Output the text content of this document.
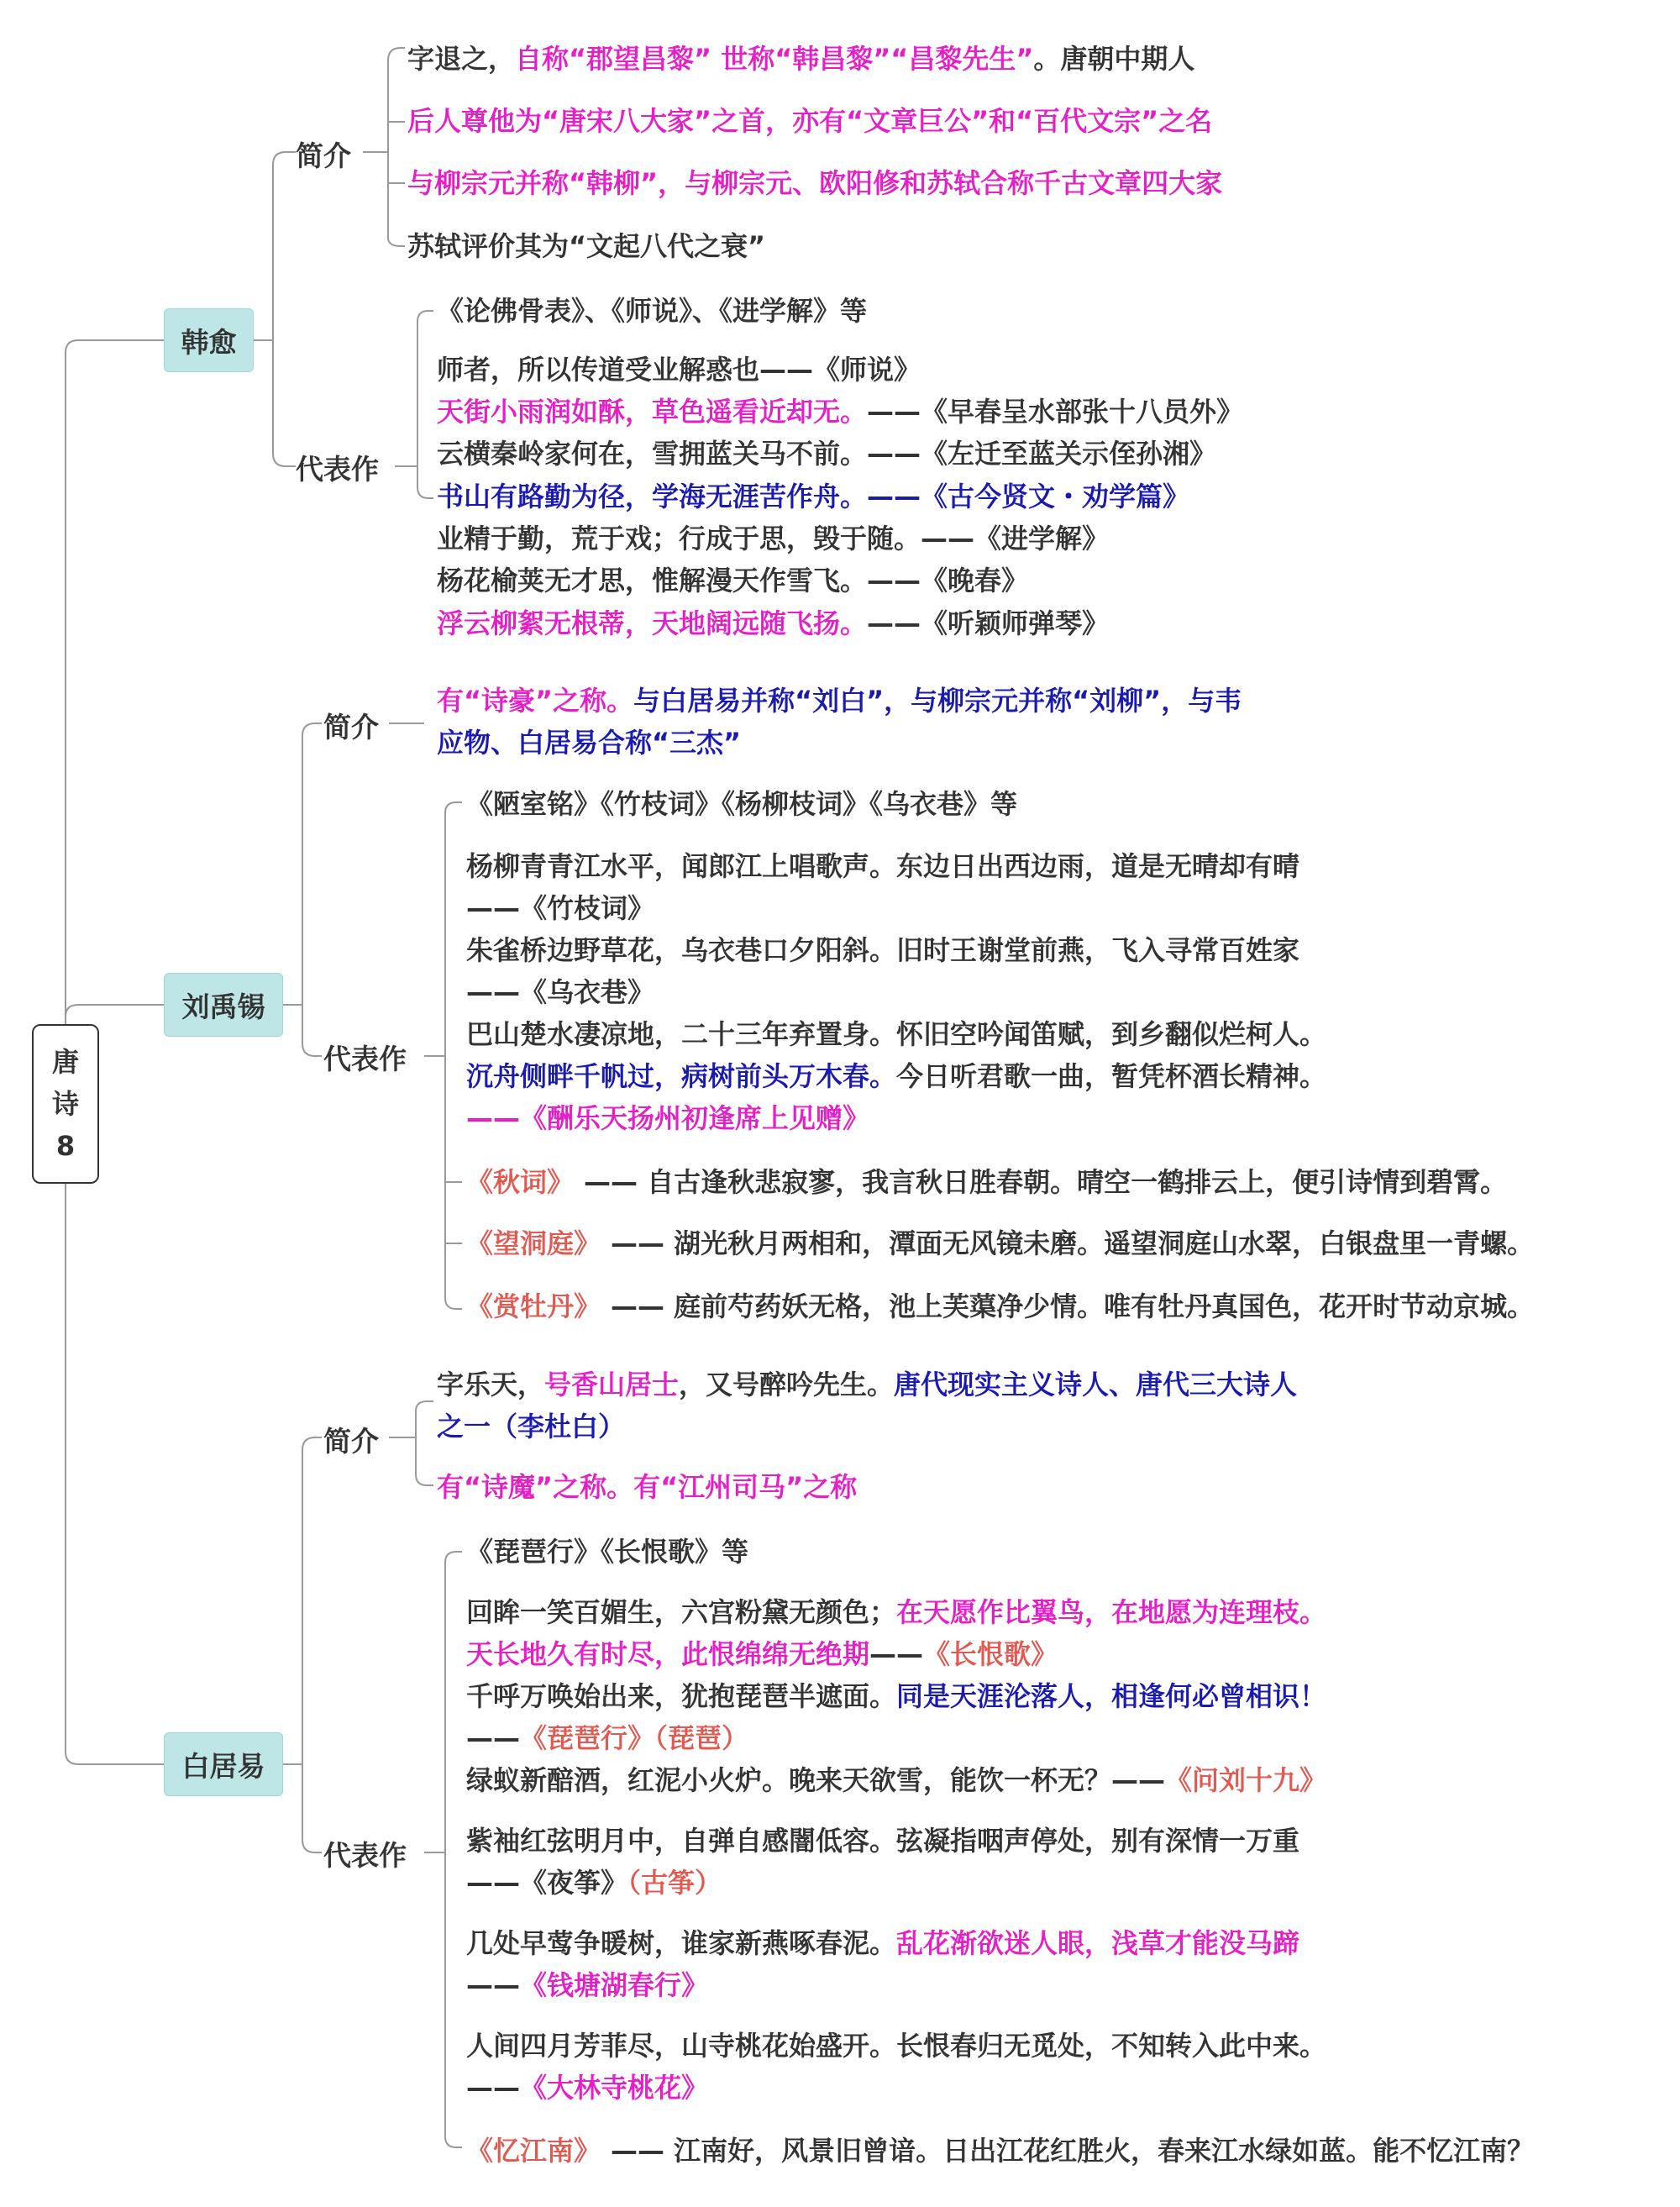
唐
诗
8
韩愈
刘禹锡
白居易
简介
代表作
简介
代表作
简介
代表作
字退之，自称“郡望昌黎” 世称“韩昌黎”“昌黎先生”。唐朝中期人
后人尊他为“唐宋八大家”之首，亦有“文章巨公”和“百代文宗”之名
与柳宗元并称“韩柳”，与柳宗元、欧阳修和苏轼合称千古文章四大家
苏轼评价其为“文起八代之衰”
《论佛骨表》、《师说》、《进学解》等
师者，所以传道受业解惑也——《师说》
天街小雨润如酥，草色遥看近却无。——《早春呈水部张十八员外》
云横秦岭家何在，雪拥蓝关马不前。——《左迁至蓝关示侄孙湘》
书山有路勤为径，学海无涯苦作舟。——《古今贤文・劝学篇》
业精于勤，荒于戏；行成于思，毁于随。——《进学解》
杨花榆荚无才思，惟解漫天作雪飞。——《晚春》
浮云柳絮无根蒂，天地阔远随飞扬。——《听颖师弹琴》
有“诗豪”之称。与白居易并称“刘白”，与柳宗元并称“刘柳”，与韦
应物、白居易合称“三杰”
《陋室铭》《竹枝词》《杨柳枝词》《乌衣巷》等
杨柳青青江水平，闻郎江上唱歌声。东边日出西边雨，道是无晴却有晴
——《竹枝词》
朱雀桥边野草花，乌衣巷口夕阳斜。旧时王谢堂前燕，飞入寻常百姓家
——《乌衣巷》
巴山楚水凄凉地，二十三年弃置身。怀旧空吟闻笛赋，到乡翻似烂柯人。
沉舟侧畔千帆过，病树前头万木春。今日听君歌一曲，暂凭杯酒长精神。
——《酬乐天扬州初逢席上见赠》
《秋词》 —— 自古逢秋悲寂寥，我言秋日胜春朝。晴空一鹤排云上，便引诗情到碧霄。
《望洞庭》 —— 湖光秋月两相和，潭面无风镜未磨。遥望洞庭山水翠，白银盘里一青螺。
《赏牡丹》 —— 庭前芍药妖无格，池上芙蕖净少情。唯有牡丹真国色，花开时节动京城。
字乐天，号香山居士，又号醉吟先生。唐代现实主义诗人、唐代三大诗人
之一（李杜白）
有“诗魔”之称。有“江州司马”之称
《琵琶行》《长恨歌》等
回眸一笑百媚生，六宫粉黛无颜色；在天愿作比翼鸟，在地愿为连理枝。
天长地久有时尽，此恨绵绵无绝期——《长恨歌》
千呼万唤始出来，犹抱琵琶半遮面。同是天涯沦落人，相逢何必曾相识！
——《琵琶行》（琵琶）
绿蚁新醅酒，红泥小火炉。晚来天欲雪，能饮一杯无？——《问刘十九》
紫袖红弦明月中，自弹自感闇低容。弦凝指咽声停处，别有深情一万重
——《夜筝》（古筝）
几处早莺争暖树，谁家新燕啄春泥。乱花渐欲迷人眼，浅草才能没马蹄
——《钱塘湖春行》
人间四月芳菲尽，山寺桃花始盛开。长恨春归无觅处，不知转入此中来。
——《大林寺桃花》
《忆江南》 —— 江南好，风景旧曾谙。日出江花红胜火，春来江水绿如蓝。能不忆江南？
